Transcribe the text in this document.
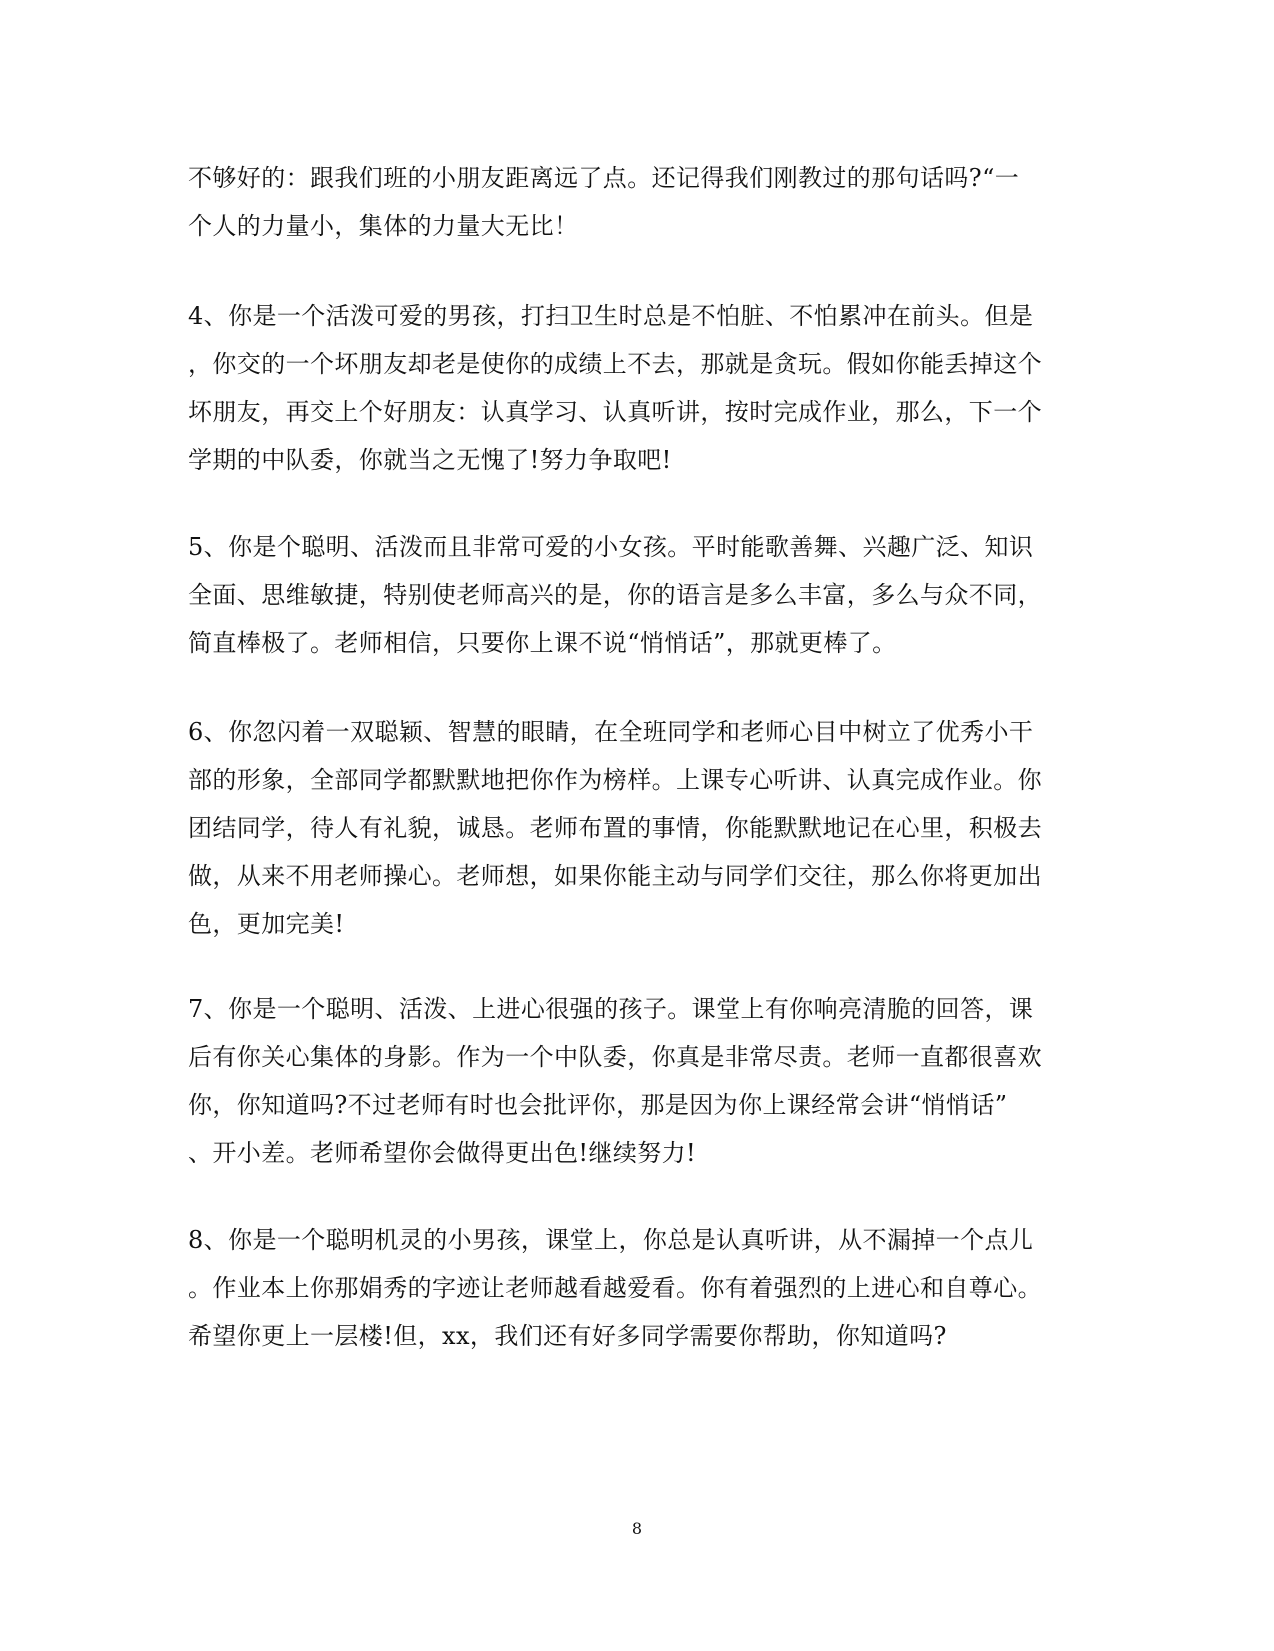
不够好的：跟我们班的小朋友距离远了点。还记得我们刚教过的那句话吗?“一
个人的力量小，集体的力量大无比！
4、你是一个活泼可爱的男孩，打扫卫生时总是不怕脏、不怕累冲在前头。但是
，你交的一个坏朋友却老是使你的成绩上不去，那就是贪玩。假如你能丢掉这个
坏朋友，再交上个好朋友：认真学习、认真听讲，按时完成作业，那么，下一个
学期的中队委，你就当之无愧了!努力争取吧!
5、你是个聪明、活泼而且非常可爱的小女孩。平时能歌善舞、兴趣广泛、知识
全面、思维敏捷，特别使老师高兴的是，你的语言是多么丰富，多么与众不同，
简直棒极了。老师相信，只要你上课不说“悄悄话”，那就更棒了。
6、你忽闪着一双聪颖、智慧的眼睛，在全班同学和老师心目中树立了优秀小干
部的形象，全部同学都默默地把你作为榜样。上课专心听讲、认真完成作业。你
团结同学，待人有礼貌，诚恳。老师布置的事情，你能默默地记在心里，积极去
做，从来不用老师操心。老师想，如果你能主动与同学们交往，那么你将更加出
色，更加完美!
7、你是一个聪明、活泼、上进心很强的孩子。课堂上有你响亮清脆的回答，课
后有你关心集体的身影。作为一个中队委，你真是非常尽责。老师一直都很喜欢
你，你知道吗?不过老师有时也会批评你，那是因为你上课经常会讲“悄悄话”
、开小差。老师希望你会做得更出色!继续努力!
8、你是一个聪明机灵的小男孩，课堂上，你总是认真听讲，从不漏掉一个点儿
。作业本上你那娟秀的字迹让老师越看越爱看。你有着强烈的上进心和自尊心。
希望你更上一层楼!但，xx，我们还有好多同学需要你帮助，你知道吗?
8
